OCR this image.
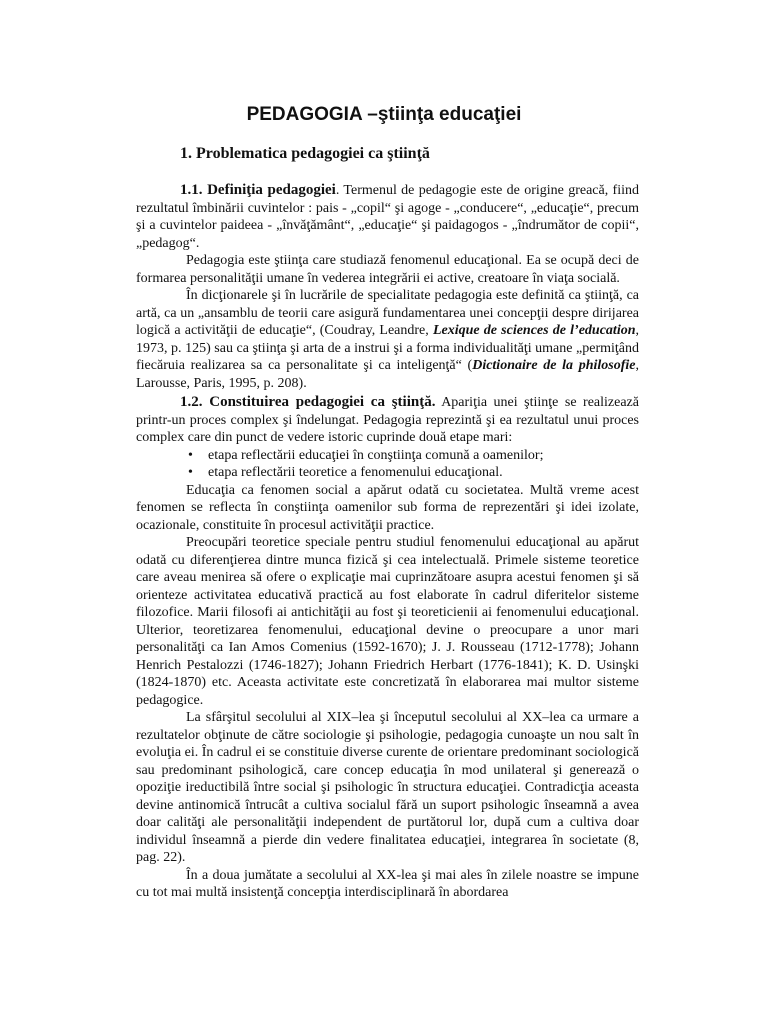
PEDAGOGIA –ştiinţa educaţiei
1. Problematica pedagogiei ca ştiinţă

1.1. Definiţia pedagogiei. Termenul de pedagogie este de origine greacă, fiind rezultatul îmbinării cuvintelor : pais - „copil“ şi agoge - „conducere“, „educaţie“, precum şi a cuvintelor paideea - „învăţământ“, „educaţie“ şi paidagogos - „îndrumător de copii“, „pedagog“.

Pedagogia este ştiinţa care studiază fenomenul educaţional. Ea se ocupă deci de formarea personalităţii umane în vederea integrării ei active, creatoare în viaţa socială.

În dicţionarele şi în lucrările de specialitate pedagogia este definită ca ştiinţă, ca artă, ca un „ansamblu de teorii care asigură fundamentarea unei concepţii despre dirijarea logică a activităţii de educaţie“, (Coudray, Leandre, Lexique de sciences de l’education, 1973, p. 125) sau ca ştiinţa şi arta de a instrui şi a forma individualităţi umane „permiţând fiecăruia realizarea sa ca personalitate şi ca inteligenţă“ (Dictionaire de la philosofie, Larousse, Paris, 1995, p. 208).

1.2. Constituirea pedagogiei ca ştiinţă. Apariţia unei ştiinţe se realizează printr-un proces complex şi îndelungat. Pedagogia reprezintă şi ea rezultatul unui proces complex care din punct de vedere istoric cuprinde două etape mari:

• etapa reflectării educaţiei în conştiinţa comună a oamenilor;
• etapa reflectării teoretice a fenomenului educaţional.

Educaţia ca fenomen social a apărut odată cu societatea. Multă vreme acest fenomen se reflecta în conştiinţa oamenilor sub forma de reprezentări şi idei izolate, ocazionale, constituite în procesul activităţii practice.

Preocupări teoretice speciale pentru studiul fenomenului educaţional au apărut odată cu diferenţierea dintre munca fizică şi cea intelectuală. Primele sisteme teoretice care aveau menirea să ofere o explicaţie mai cuprinzătoare asupra acestui fenomen şi să orienteze activitatea educativă practică au fost elaborate în cadrul diferitelor sisteme filozofice. Marii filosofi ai antichităţii au fost şi teoreticienii ai fenomenului educaţional. Ulterior, teoretizarea fenomenului, educaţional devine o preocupare a unor mari personalităţi ca Ian Amos Comenius (1592-1670); J. J. Rousseau (1712-1778); Johann Henrich Pestalozzi (1746-1827); Johann Friedrich Herbart (1776-1841); K. D. Usinşki (1824-1870) etc. Aceasta activitate este concretizată în elaborarea mai multor sisteme pedagogice.

La sfârşitul secolului al XIX–lea şi începutul secolului al XX–lea ca urmare a rezultatelor obţinute de către sociologie şi psihologie, pedagogia cunoaşte un nou salt în evoluţia ei. În cadrul ei se constituie diverse curente de orientare predominant sociologică sau predominant psihologică, care concep educaţia în mod unilateral şi generează o opoziţie ireductibilă între social şi psihologic în structura educaţiei. Contradicţia aceasta devine antinomică întrucât a cultiva socialul fără un suport psihologic înseamnă a avea doar calităţi ale personalităţii independent de purtătorul lor, după cum a cultiva doar individul înseamnă a pierde din vedere finalitatea educaţiei, integrarea în societate (8, pag. 22).

În a doua jumătate a secolului al XX-lea şi mai ales în zilele noastre se impune cu tot mai multă insistenţă concepţia interdisciplinară în abordarea
